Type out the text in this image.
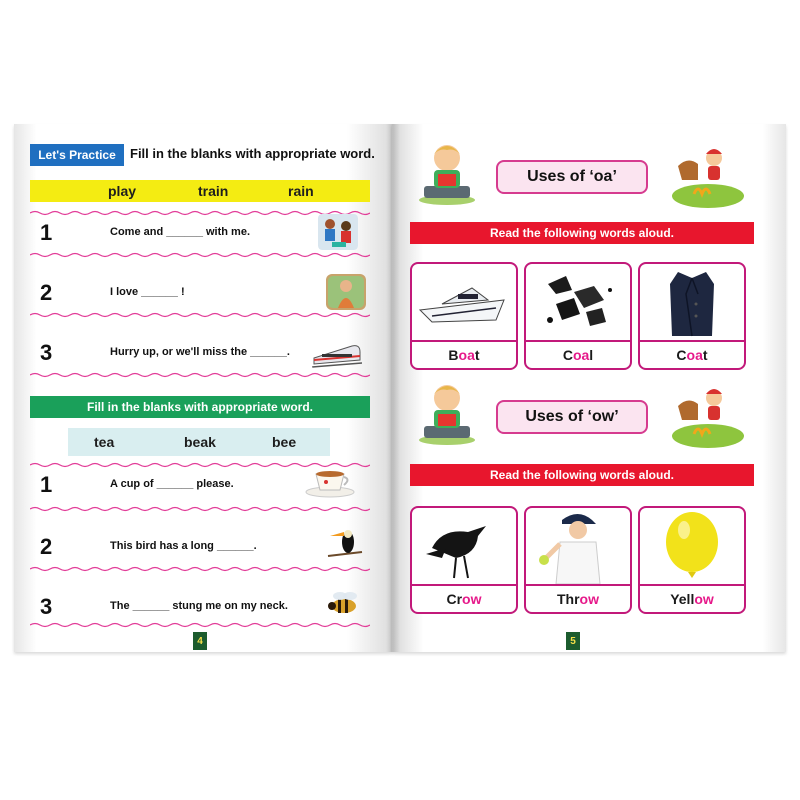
Let's Practice	Fill in the blanks with appropriate word.
play	train	rain
1	Come and ______ with me.
2	I love ______ !
3	Hurry up, or we'll miss the ______.
Fill in the blanks with appropriate word.
tea	beak	bee
1	A cup of ______ please.
2	This bird has a long ______.
3	The ______ stung me on my neck.
4
Uses of ‘oa’
Read the following words aloud.
B oa t	C oa l	C oa t
Uses of ‘ow’
Read the following words aloud.
Cr ow	Thr ow	Yell ow
5
